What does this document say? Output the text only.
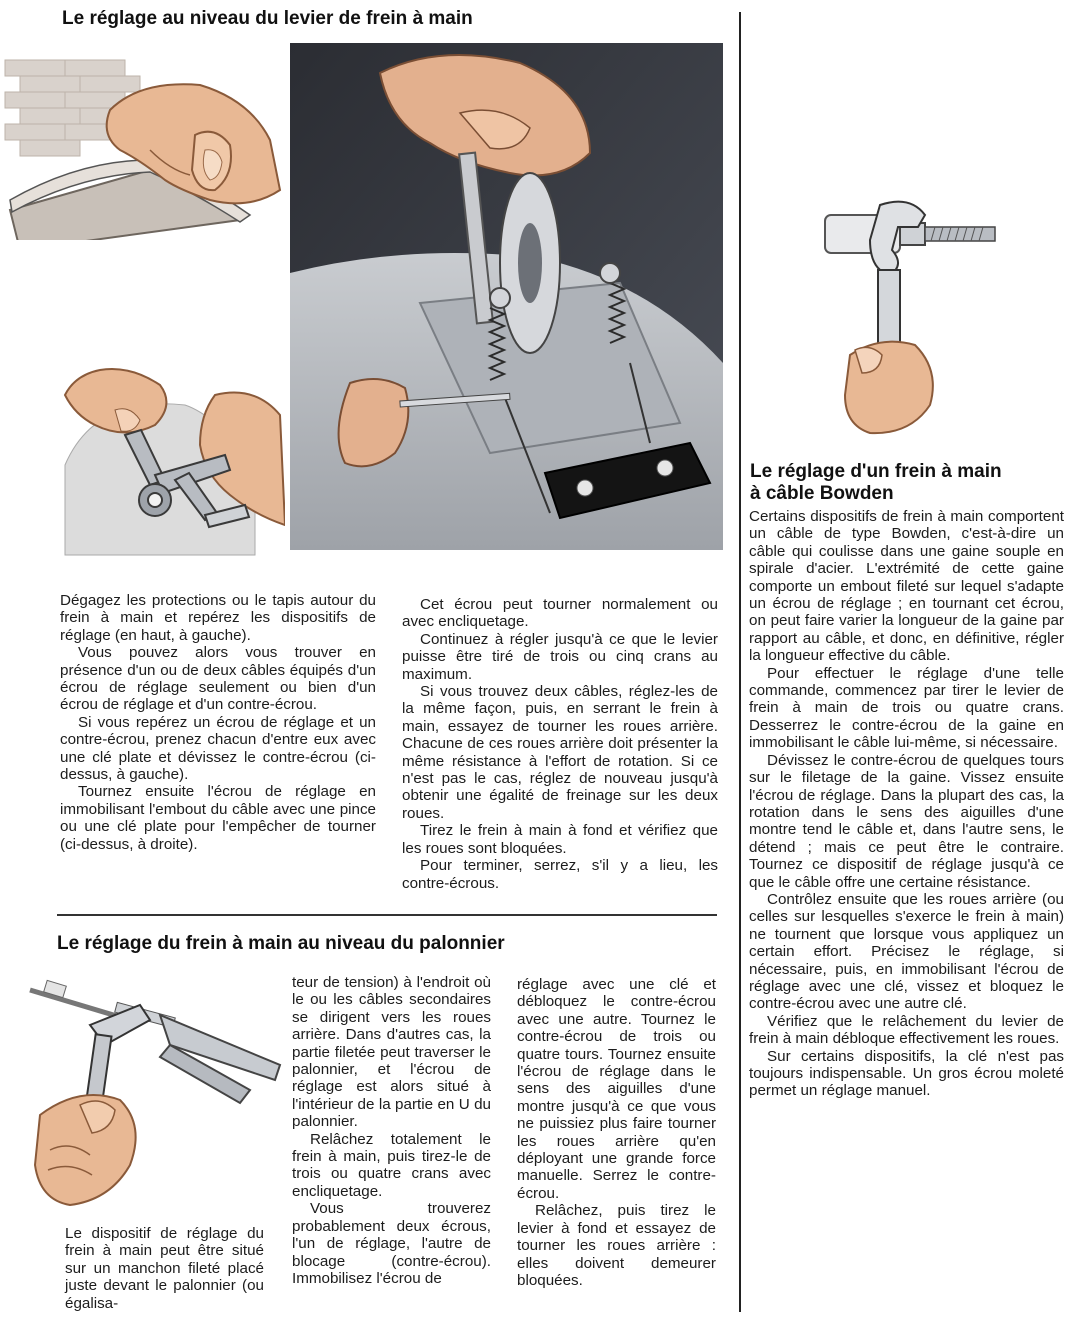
Le réglage au niveau du levier de frein à main

Dégagez les protections ou le tapis autour du frein à main et repérez les dispositifs de réglage (en haut, à gauche).

Vous pouvez alors vous trouver en présence d'un ou de deux câbles équipés d'un écrou de réglage seulement ou bien d'un écrou de réglage et d'un contre-écrou.

Si vous repérez un écrou de réglage et un contre-écrou, prenez chacun d'entre eux avec une clé plate et dévissez le contre-écrou (ci-dessus, à gauche).

Tournez ensuite l'écrou de réglage en immobilisant l'embout du câble avec une pince ou une clé plate pour l'empêcher de tourner (ci-dessus, à droite).

Cet écrou peut tourner normalement ou avec encliquetage.

Continuez à régler jusqu'à ce que le levier puisse être tiré de trois ou cinq crans au maximum.

Si vous trouvez deux câbles, réglez-les de la même façon, puis, en serrant le frein à main, essayez de tourner les roues arrière. Chacune de ces roues arrière doit présenter la même résistance à l'effort de rotation. Si ce n'est pas le cas, réglez de nouveau jusqu'à obtenir une égalité de freinage sur les deux roues.

Tirez le frein à main à fond et vérifiez que les roues sont bloquées.

Pour terminer, serrez, s'il y a lieu, les contre-écrous.

Le réglage du frein à main au niveau du palonnier

Le dispositif de réglage du frein à main peut être situé sur un manchon fileté placé juste devant le palonnier (ou égalisa-

teur de tension) à l'endroit où le ou les câbles secondaires se dirigent vers les roues arrière. Dans d'autres cas, la partie filetée peut traverser le palonnier, et l'écrou de réglage est alors situé à l'intérieur de la partie en U du palonnier.

Relâchez totalement le frein à main, puis tirez-le de trois ou quatre crans avec encliquetage.

Vous trouverez probablement deux écrous, l'un de réglage, l'autre de blocage (contre-écrou). Immobilisez l'écrou de

réglage avec une clé et débloquez le contre-écrou avec une autre. Tournez le contre-écrou de trois ou quatre tours. Tournez ensuite l'écrou de réglage dans le sens des aiguilles d'une montre jusqu'à ce que vous ne puissiez plus faire tourner les roues arrière qu'en déployant une grande force manuelle. Serrez le contre-écrou.

Relâchez, puis tirez le levier à fond et essayez de tourner les roues arrière : elles doivent demeurer bloquées.

Le réglage d'un frein à main
à câble Bowden

Certains dispositifs de frein à main comportent un câble de type Bowden, c'est-à-dire un câble qui coulisse dans une gaine souple en spirale d'acier. L'extrémité de cette gaine comporte un embout fileté sur lequel s'adapte un écrou de réglage ; en tournant cet écrou, on peut faire varier la longueur de la gaine par rapport au câble, et donc, en définitive, régler la longueur effective du câble.

Pour effectuer le réglage d'une telle commande, commencez par tirer le levier de frein à main de trois ou quatre crans. Desserrez le contre-écrou de la gaine en immobilisant le câble lui-même, si nécessaire.

Dévissez le contre-écrou de quelques tours sur le filetage de la gaine. Vissez ensuite l'écrou de réglage. Dans la plupart des cas, la rotation dans le sens des aiguilles d'une montre tend le câble et, dans l'autre sens, le détend ; mais ce peut être le contraire. Tournez ce dispositif de réglage jusqu'à ce que le câble offre une certaine résistance.

Contrôlez ensuite que les roues arrière (ou celles sur lesquelles s'exerce le frein à main) ne tournent que lorsque vous appliquez un certain effort. Précisez le réglage, si nécessaire, puis, en immobilisant l'écrou de réglage avec une clé, vissez et bloquez le contre-écrou avec une autre clé.

Vérifiez que le relâchement du levier de frein à main débloque effectivement les roues.

Sur certains dispositifs, la clé n'est pas toujours indispensable. Un gros écrou moleté permet un réglage manuel.
